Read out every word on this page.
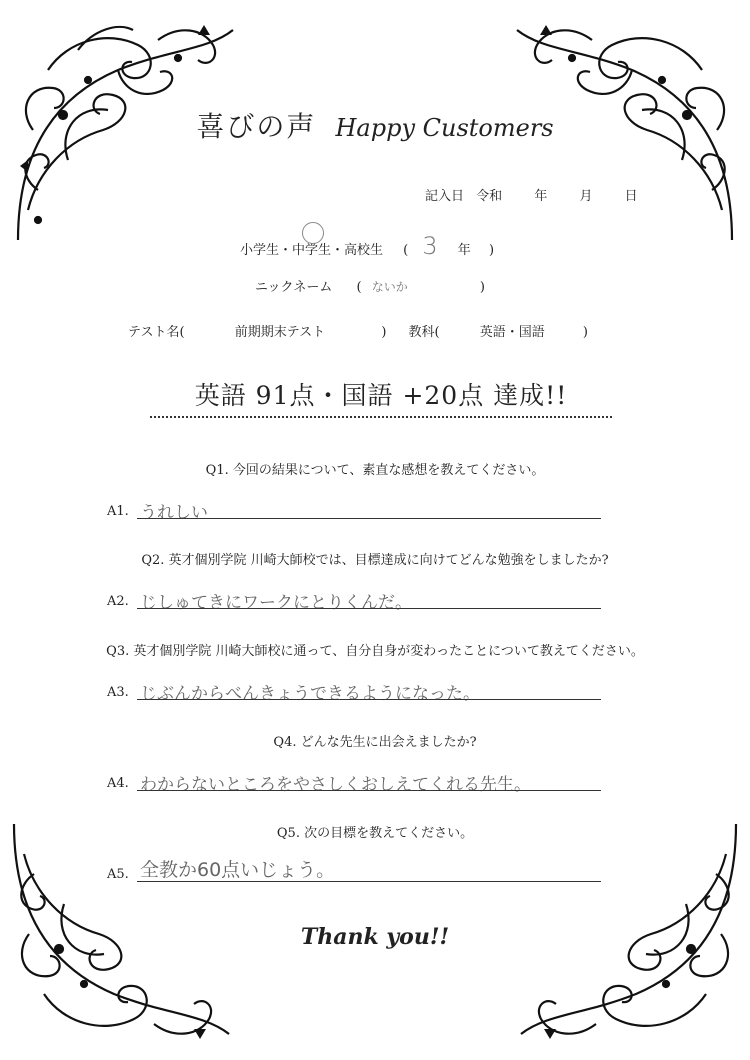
喜びの声 Happy Customers
記入日 令和 年 月 日
小学生・中学生・高校生 ( 3 年 )
ニックネーム ( ないか	)
テスト名(	前期期末テスト	) 教科(	英語・国語	)
英語 91点・国語 +20点 達成!!
Q1. 今回の結果について、素直な感想を教えてください。
A1. うれしい
Q2. 英才個別学院 川崎大師校では、目標達成に向けてどんな勉強をしましたか?
A2. じしゅてきにワークにとりくんだ。
Q3. 英才個別学院 川崎大師校に通って、自分自身が変わったことについて教えてください。
A3. じぶんからべんきょうできるようになった。
Q4. どんな先生に出会えましたか?
A4. わからないところをやさしくおしえてくれる先生。
Q5. 次の目標を教えてください。
A5. 全教か60点いじょう。
Thank you!!
